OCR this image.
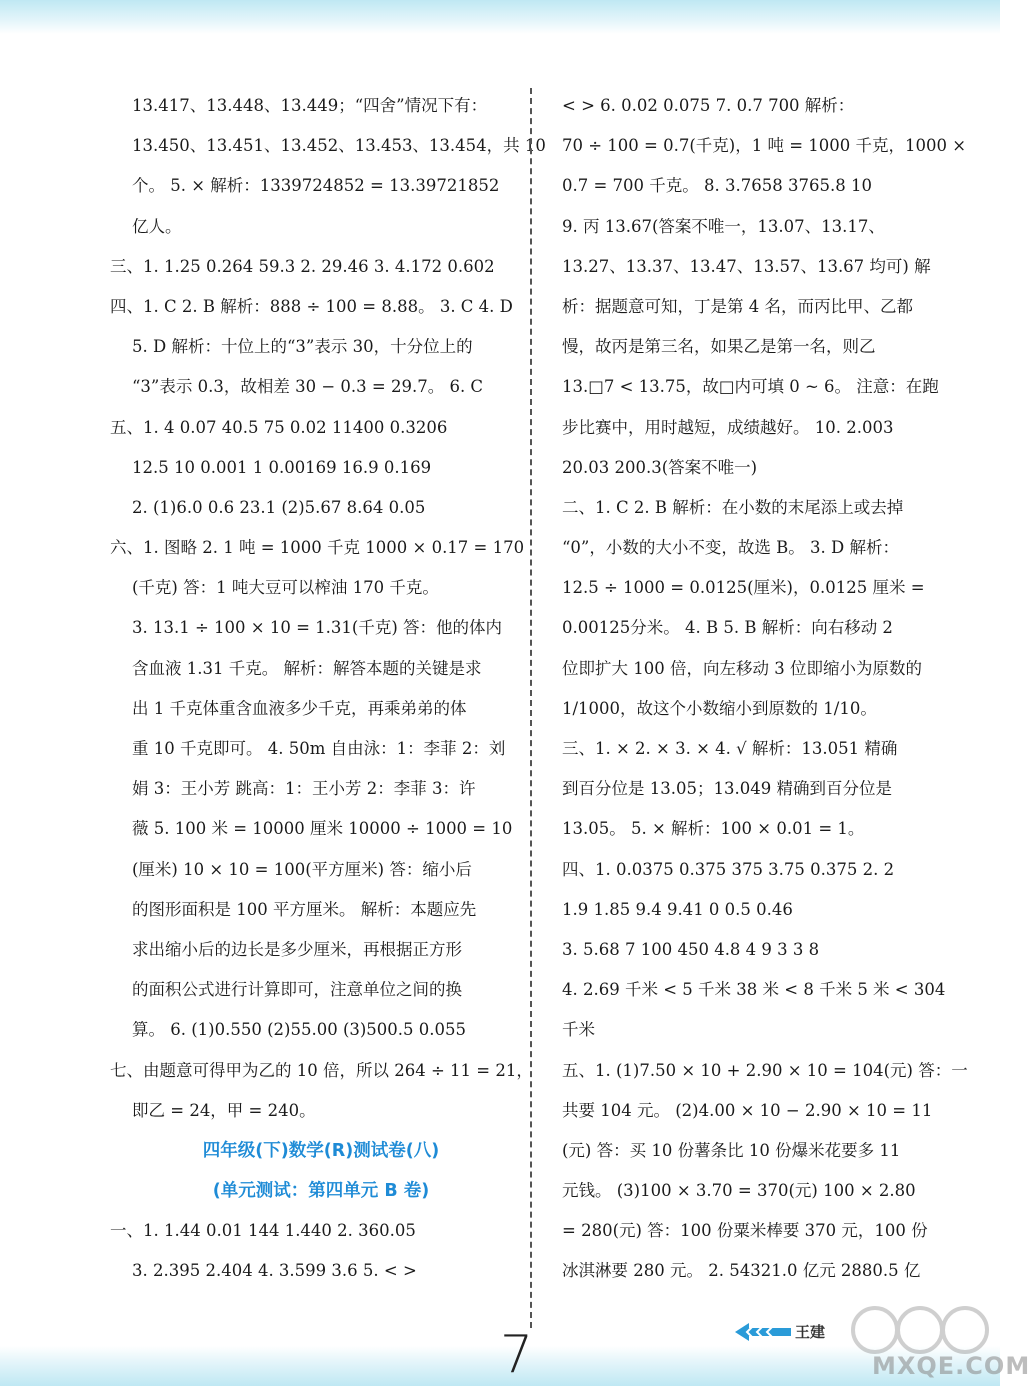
13.417、13.448、13.449；“四舍”情况下有：
13.450、13.451、13.452、13.453、13.454，共 10
个。 5. × 解析：1339724852 = 13.39721852
亿人。
三、1. 1.25 0.264 59.3 2. 29.46 3. 4.172 0.602
四、1. C 2. B 解析：888 ÷ 100 = 8.88。 3. C 4. D
5. D 解析：十位上的“3”表示 30，十分位上的
“3”表示 0.3，故相差 30 − 0.3 = 29.7。 6. C
五、1. 4 0.07 40.5 75 0.02 11400 0.3206
12.5 10 0.001 1 0.00169 16.9 0.169
2. (1)6.0 0.6 23.1 (2)5.67 8.64 0.05
六、1. 图略 2. 1 吨 = 1000 千克 1000 × 0.17 = 170
(千克) 答：1 吨大豆可以榨油 170 千克。
3. 13.1 ÷ 100 × 10 = 1.31(千克) 答：他的体内
含血液 1.31 千克。 解析：解答本题的关键是求
出 1 千克体重含血液多少千克，再乘弟弟的体
重 10 千克即可。 4. 50m 自由泳：1：李菲 2：刘
娟 3：王小芳 跳高：1：王小芳 2：李菲 3：许
薇 5. 100 米 = 10000 厘米 10000 ÷ 1000 = 10
(厘米) 10 × 10 = 100(平方厘米) 答：缩小后
的图形面积是 100 平方厘米。 解析：本题应先
求出缩小后的边长是多少厘米，再根据正方形
的面积公式进行计算即可，注意单位之间的换
算。 6. (1)0.550 (2)55.00 (3)500.5 0.055
七、由题意可得甲为乙的 10 倍，所以 264 ÷ 11 = 21，
即乙 = 24，甲 = 240。
四年级(下)数学(R)测试卷(八)
(单元测试：第四单元 B 卷)
一、1. 1.44 0.01 144 1.440 2. 360.05
3. 2.395 2.404 4. 3.599 3.6 5. < >
< > 6. 0.02 0.075 7. 0.7 700 解析：
70 ÷ 100 = 0.7(千克)，1 吨 = 1000 千克，1000 ×
0.7 = 700 千克。 8. 3.7658 3765.8 10
9. 丙 13.67(答案不唯一，13.07、13.17、
13.27、13.37、13.47、13.57、13.67 均可) 解
析：据题意可知，丁是第 4 名，而丙比甲、乙都
慢，故丙是第三名，如果乙是第一名，则乙
13.□7 < 13.75，故□内可填 0 ~ 6。 注意：在跑
步比赛中，用时越短，成绩越好。 10. 2.003
20.03 200.3(答案不唯一)
二、1. C 2. B 解析：在小数的末尾添上或去掉
“0”，小数的大小不变，故选 B。 3. D 解析：
12.5 ÷ 1000 = 0.0125(厘米)，0.0125 厘米 =
0.00125分米。 4. B 5. B 解析：向右移动 2
位即扩大 100 倍，向左移动 3 位即缩小为原数的
1/1000，故这个小数缩小到原数的 1/10。
三、1. × 2. × 3. × 4. √ 解析：13.051 精确
到百分位是 13.05；13.049 精确到百分位是
13.05。 5. × 解析：100 × 0.01 = 1。
四、1. 0.0375 0.375 375 3.75 0.375 2. 2
1.9 1.85 9.4 9.41 0 0.5 0.46
3. 5.68 7 100 450 4.8 4 9 3 3 8
4. 2.69 千米 < 5 千米 38 米 < 8 千米 5 米 < 304
千米
五、1. (1)7.50 × 10 + 2.90 × 10 = 104(元) 答：一
共要 104 元。 (2)4.00 × 10 − 2.90 × 10 = 11
(元) 答：买 10 份薯条比 10 份爆米花要多 11
元钱。 (3)100 × 3.70 = 370(元) 100 × 2.80
= 280(元) 答：100 份粟米棒要 370 元，100 份
冰淇淋要 280 元。 2. 54321.0 亿元 2880.5 亿
7	王建
MXQE.COM
